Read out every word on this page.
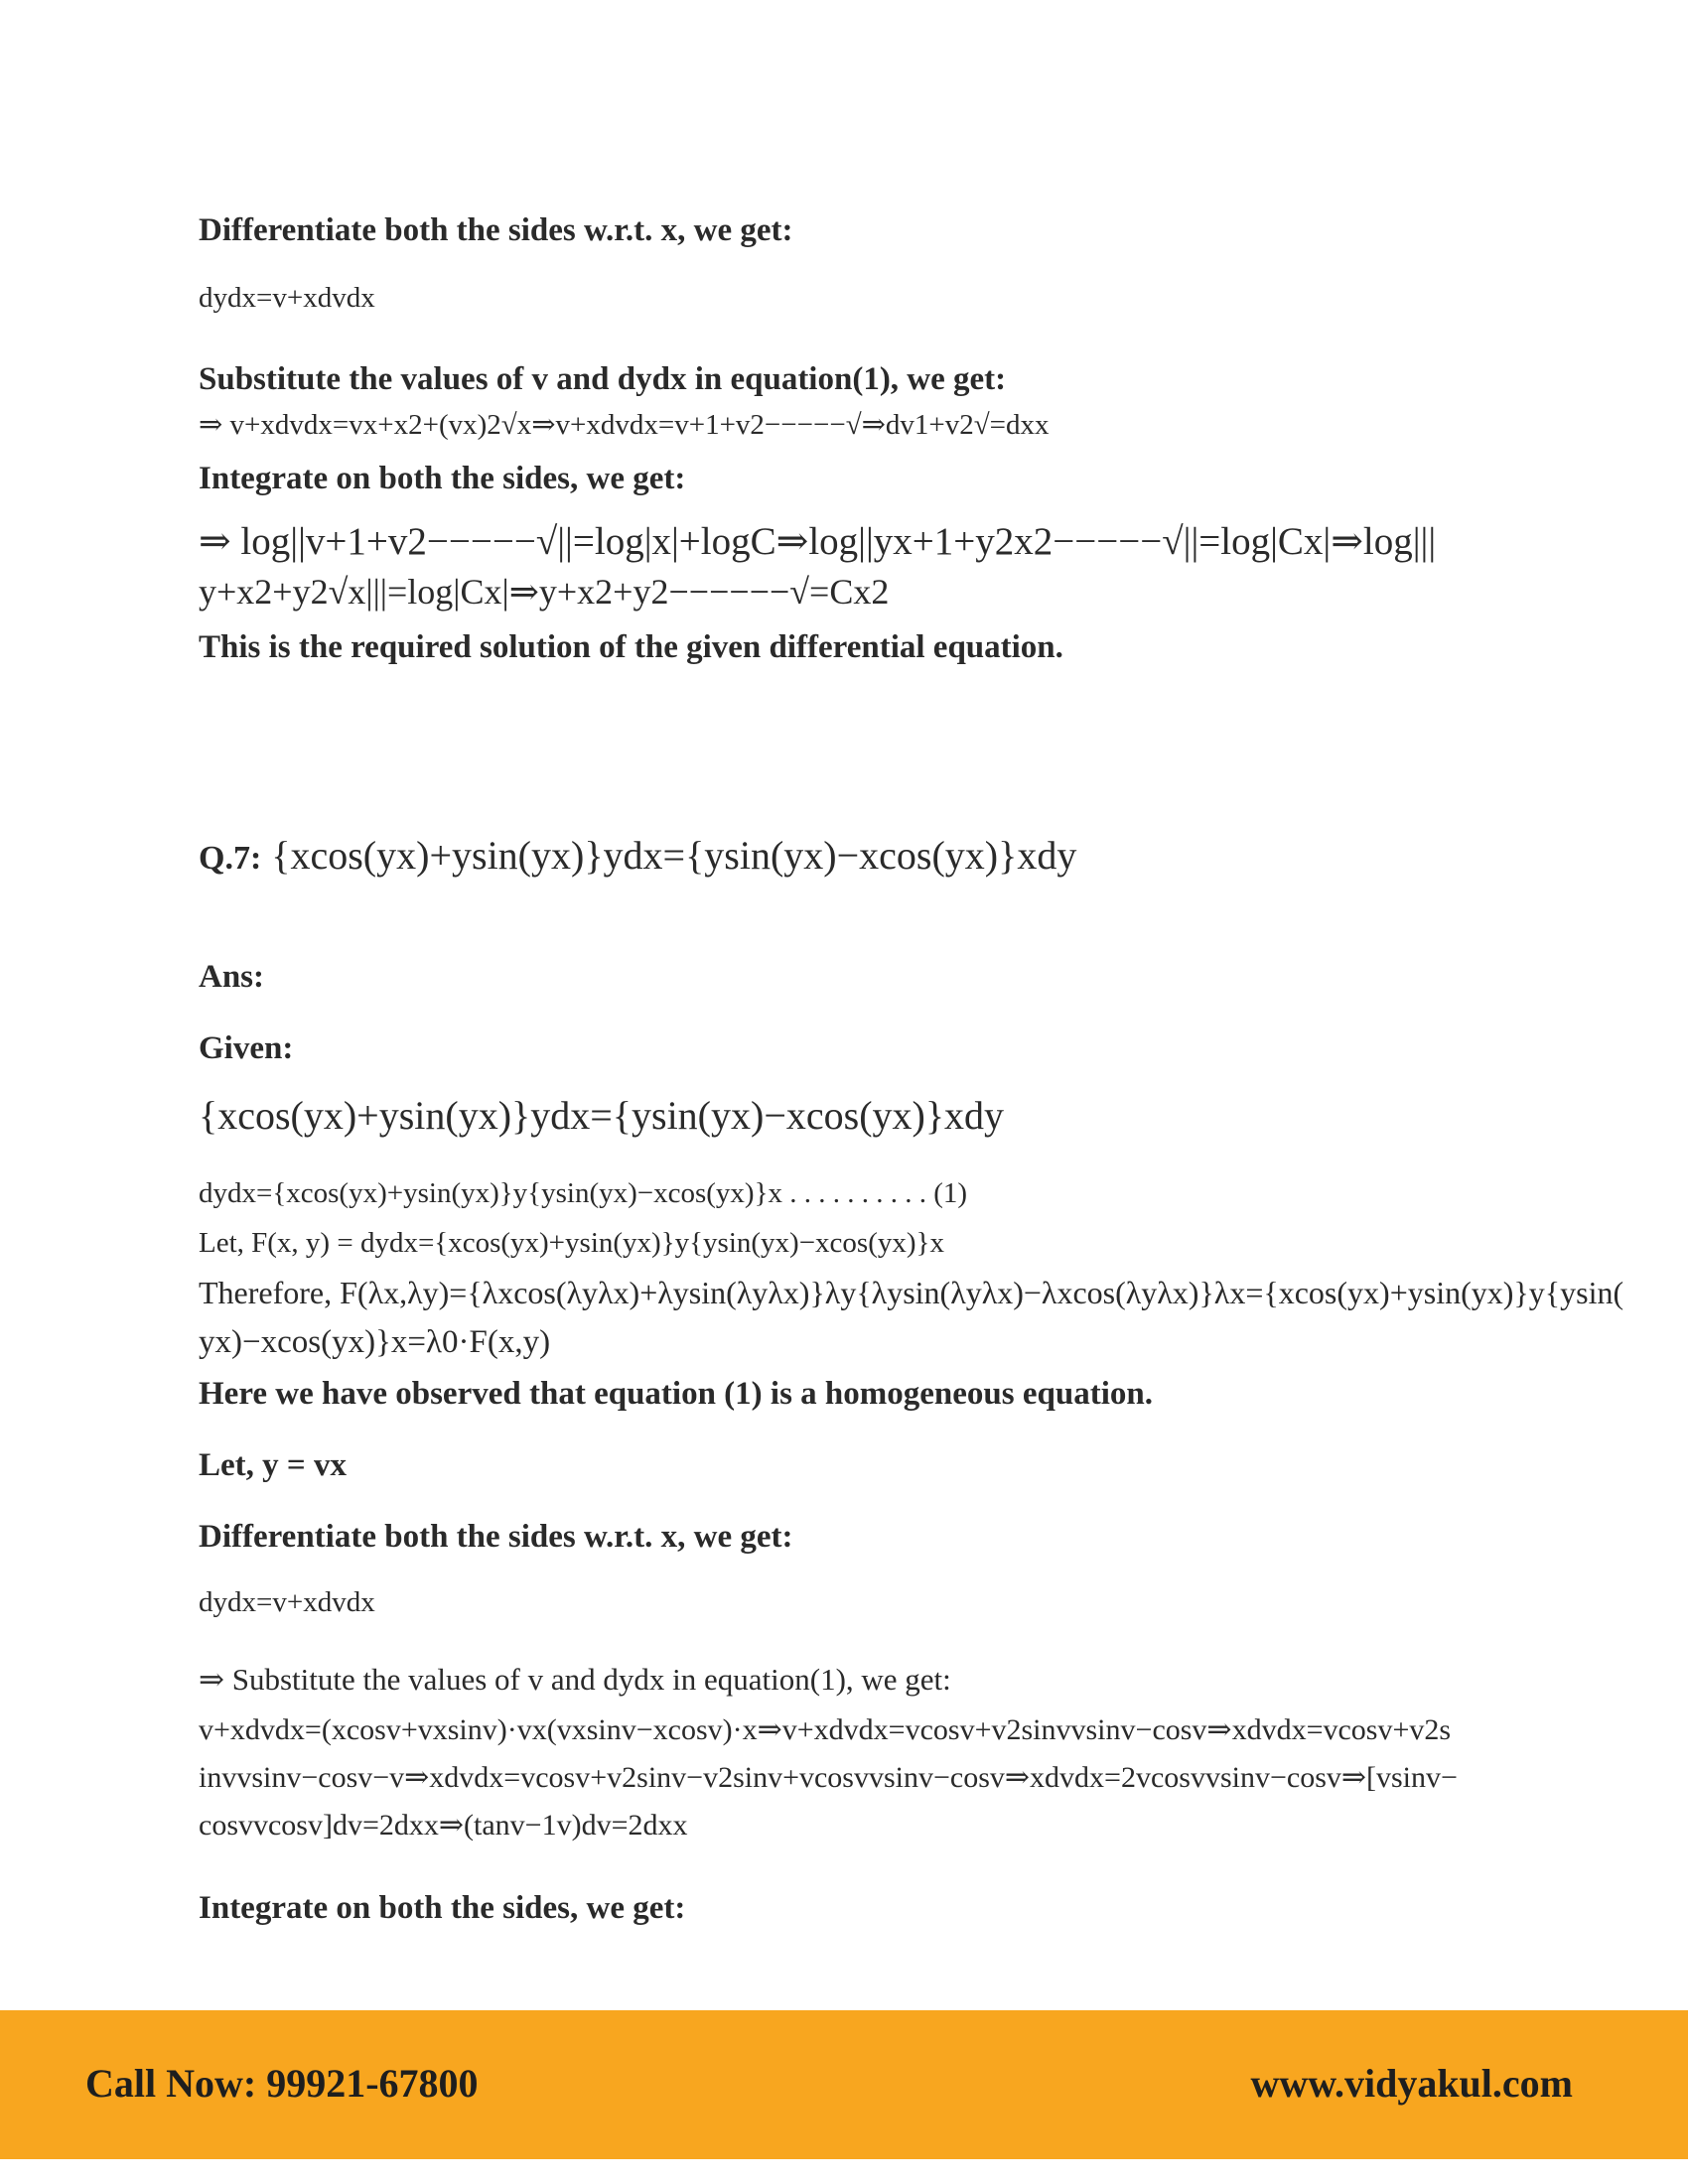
Differentiate both the sides w.r.t. x, we get:
dydx=v+xdvdx
Substitute the values of v and dydx in equation(1), we get:
⇒ v+xdvdx=vx+x2+(vx)2√x⇒v+xdvdx=v+1+v2−−−−−√⇒dv1+v2√=dxx
Integrate on both the sides, we get:
⇒ log||v+1+v2−−−−−√||=log|x|+logC⇒log||yx+1+y2x2−−−−−√||=log|Cx|⇒log|||
y+x2+y2√x|||=log|Cx|⇒y+x2+y2−−−−−−√=Cx2
This is the required solution of the given differential equation.
Q.7: {xcos(yx)+ysin(yx)}ydx={ysin(yx)−xcos(yx)}xdy
Ans:
Given:
{xcos(yx)+ysin(yx)}ydx={ysin(yx)−xcos(yx)}xdy
dydx={xcos(yx)+ysin(yx)}y{ysin(yx)−xcos(yx)}x . . . . . . . . . . (1)
Let, F(x, y) = dydx={xcos(yx)+ysin(yx)}y{ysin(yx)−xcos(yx)}x
Therefore, F(λx,λy)={λxcos(λyλx)+λysin(λyλx)}λy{λysin(λyλx)−λxcos(λyλx)}λx={xcos(yx)+ysin(yx)}y{ysin(
yx)−xcos(yx)}x=λ0·F(x,y)
Here we have observed that equation (1) is a homogeneous equation.
Let, y = vx
Differentiate both the sides w.r.t. x, we get:
dydx=v+xdvdx
⇒ Substitute the values of v and dydx in equation(1), we get:
v+xdvdx=(xcosv+vxsinv)·vx(vxsinv−xcosv)·x⇒v+xdvdx=vcosv+v2sinvvsinv−cosv⇒xdvdx=vcosv+v2s
invvsinv−cosv−v⇒xdvdx=vcosv+v2sinv−v2sinv+vcosvvsinv−cosv⇒xdvdx=2vcosvvsinv−cosv⇒[vsinv−
cosvvcosv]dv=2dxx⇒(tanv−1v)dv=2dxx
Integrate on both the sides, we get:
Call Now: 99921-67800	www.vidyakul.com
